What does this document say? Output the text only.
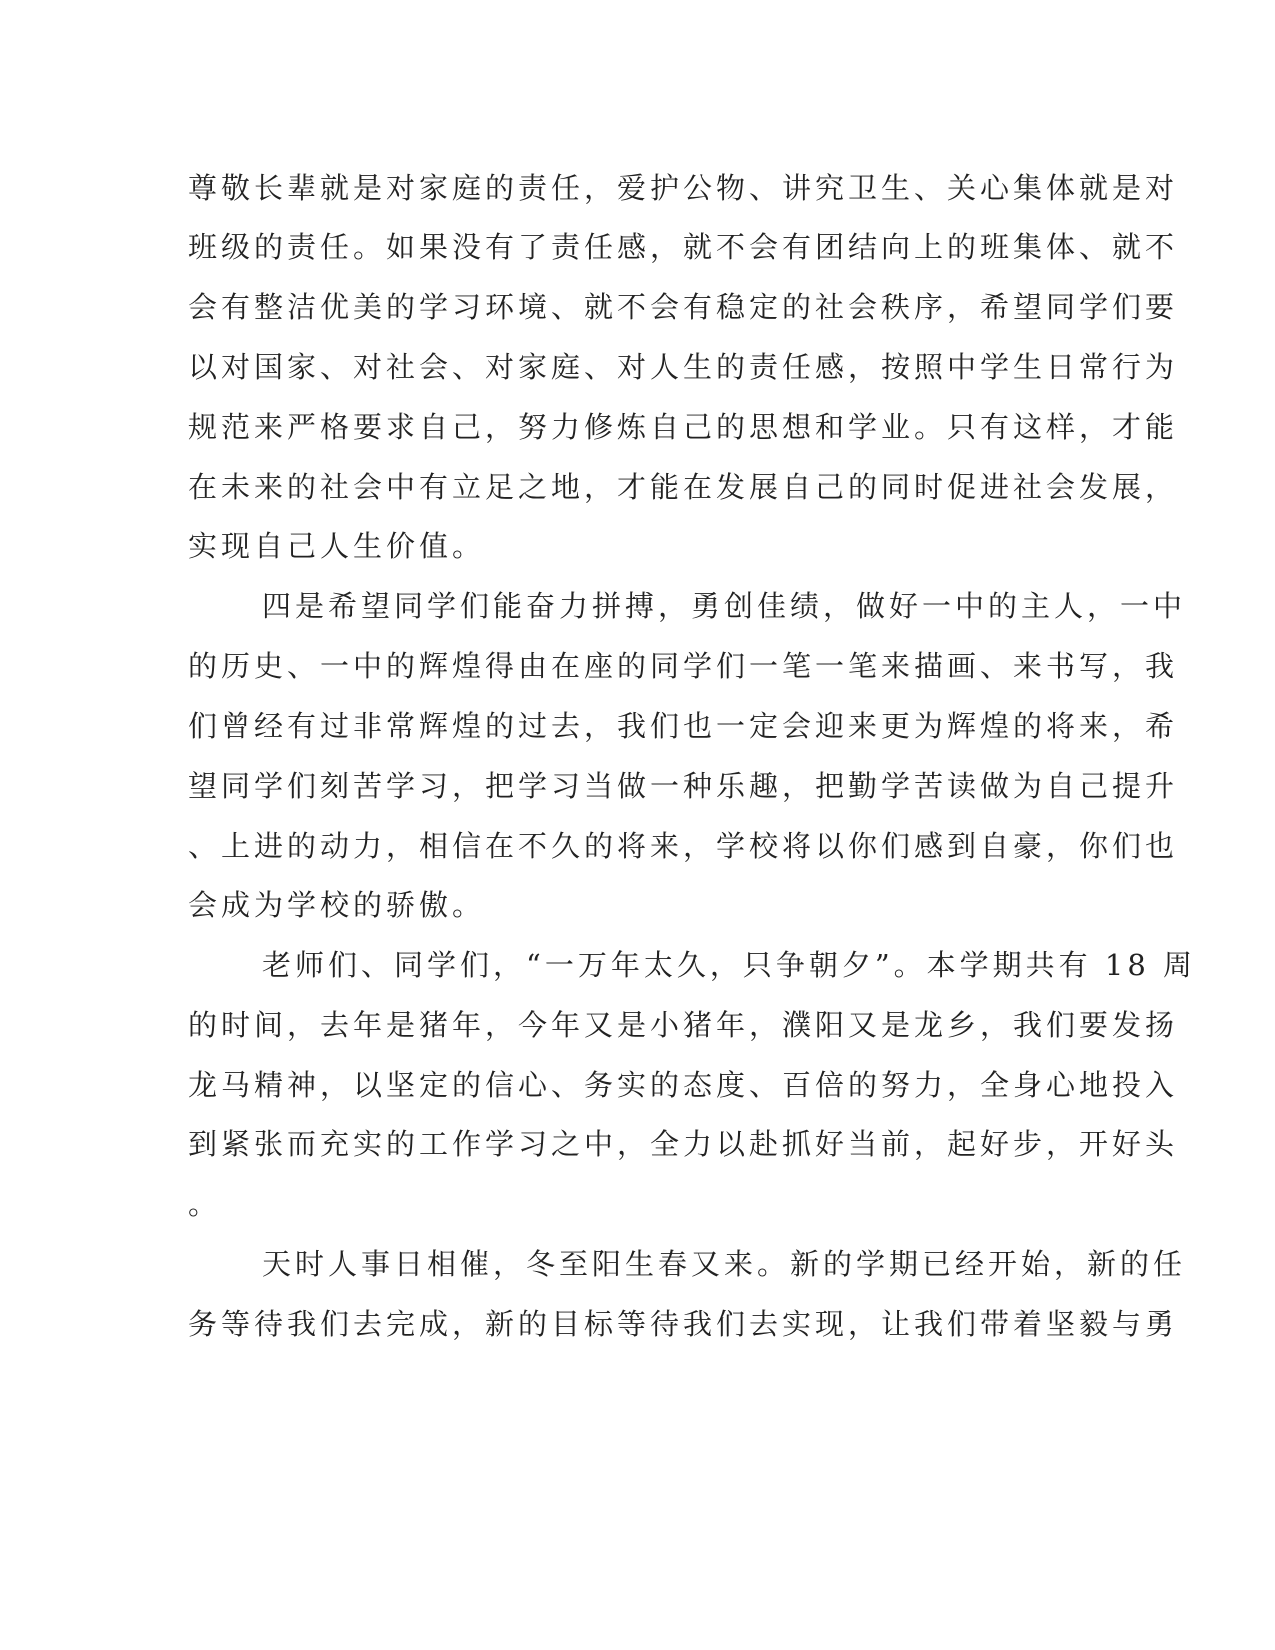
尊敬长辈就是对家庭的责任，爱护公物、讲究卫生、关心集体就是对
班级的责任。如果没有了责任感，就不会有团结向上的班集体、就不
会有整洁优美的学习环境、就不会有稳定的社会秩序，希望同学们要
以对国家、对社会、对家庭、对人生的责任感，按照中学生日常行为
规范来严格要求自己，努力修炼自己的思想和学业。只有这样，才能
在未来的社会中有立足之地，才能在发展自己的同时促进社会发展，
实现自己人生价值。
四是希望同学们能奋力拼搏，勇创佳绩，做好一中的主人，一中
的历史、一中的辉煌得由在座的同学们一笔一笔来描画、来书写，我
们曾经有过非常辉煌的过去，我们也一定会迎来更为辉煌的将来，希
望同学们刻苦学习，把学习当做一种乐趣，把勤学苦读做为自己提升
、上进的动力，相信在不久的将来，学校将以你们感到自豪，你们也
会成为学校的骄傲。
老师们、同学们，“一万年太久，只争朝夕”。本学期共有 18 周
的时间，去年是猪年，今年又是小猪年，濮阳又是龙乡，我们要发扬
龙马精神，以坚定的信心、务实的态度、百倍的努力，全身心地投入
到紧张而充实的工作学习之中，全力以赴抓好当前，起好步，开好头
。
天时人事日相催，冬至阳生春又来。新的学期已经开始，新的任
务等待我们去完成，新的目标等待我们去实现，让我们带着坚毅与勇
